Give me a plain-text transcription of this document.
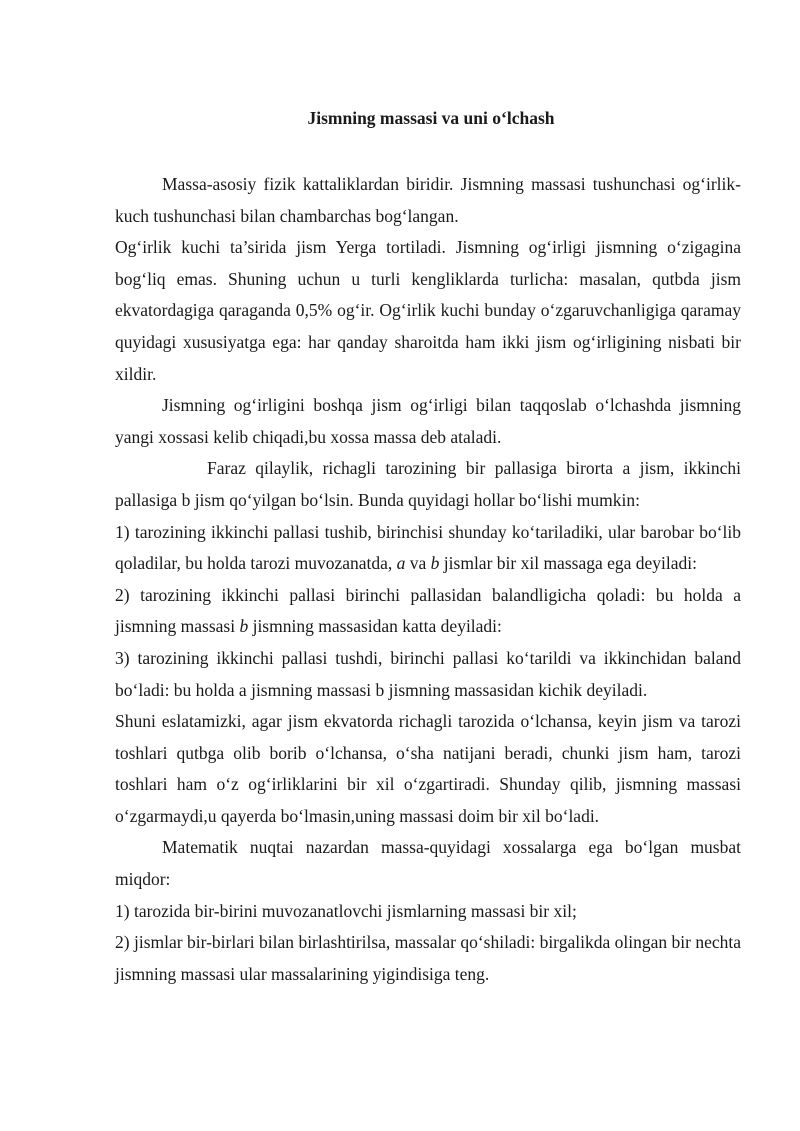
Jismning massasi va uni o‘lchash

Massa-asosiy fizik kattaliklardan biridir. Jismning massasi tushunchasi og‘irlik-kuch tushunchasi bilan chambarchas bog‘langan.

Og‘irlik kuchi ta’sirida jism Yerga tortiladi. Jismning og‘irligi jismning o‘zigagina bog‘liq emas. Shuning uchun u turli kengliklarda turlicha: masalan, qutbda jism ekvatordagiga qaraganda 0,5% og‘ir. Og‘irlik kuchi bunday o‘zgaruvchanligiga qaramay quyidagi xususiyatga ega: har qanday sharoitda ham ikki jism og‘irligining nisbati bir xildir.

Jismning og‘irligini boshqa jism og‘irligi bilan taqqoslab o‘lchashda jismning yangi xossasi kelib chiqadi,bu xossa massa deb ataladi.

Faraz qilaylik, richagli tarozining bir pallasiga birorta a jism, ikkinchi pallasiga b jism qo‘yilgan bo‘lsin. Bunda quyidagi hollar bo‘lishi mumkin:

1) tarozining ikkinchi pallasi tushib, birinchisi shunday ko‘tariladiki, ular barobar bo‘lib qoladilar, bu holda tarozi muvozanatda, a va b jismlar bir xil massaga ega deyiladi:

2) tarozining ikkinchi pallasi birinchi pallasidan balandligicha qoladi: bu holda a jismning massasi b jismning massasidan katta deyiladi:

3) tarozining ikkinchi pallasi tushdi, birinchi pallasi ko‘tarildi va ikkinchidan baland bo‘ladi: bu holda a jismning massasi b jismning massasidan kichik deyiladi.

Shuni eslatamizki, agar jism ekvatorda richagli tarozida o‘lchansa, keyin jism va tarozi toshlari qutbga olib borib o‘lchansa, o‘sha natijani beradi, chunki jism ham, tarozi toshlari ham o‘z og‘irliklarini bir xil o‘zgartiradi. Shunday qilib, jismning massasi o‘zgarmaydi,u qayerda bo‘lmasin,uning massasi doim bir xil bo‘ladi.

Matematik nuqtai nazardan massa-quyidagi xossalarga ega bo‘lgan musbat miqdor:

1) tarozida bir-birini muvozanatlovchi jismlarning massasi bir xil;

2) jismlar bir-birlari bilan birlashtirilsa, massalar qo‘shiladi: birgalikda olingan bir nechta jismning massasi ular massalarining yigindisiga teng.
